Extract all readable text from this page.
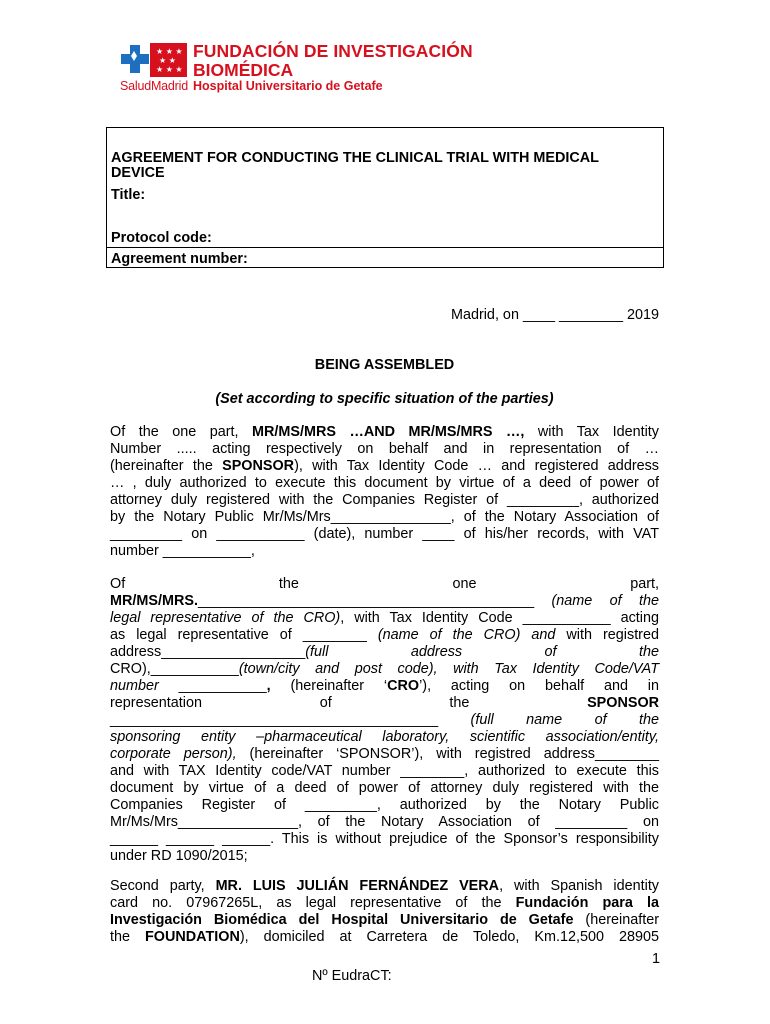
★ ★ ★
★ ★
★ ★ ★
SaludMadrid
FUNDACIÓN DE INVESTIGACIÓN
BIOMÉDICA
Hospital Universitario de Getafe
AGREEMENT FOR CONDUCTING THE CLINICAL TRIAL WITH MEDICAL
DEVICE
Title:
Protocol code:
Agreement number:
Madrid, on ____ ________ 2019
BEING ASSEMBLED
(Set according to specific situation of the parties)
Of the one part, MR/MS/MRS …AND MR/MS/MRS …, with Tax Identity
Number ..... acting respectively on behalf and in representation of …
(hereinafter the SPONSOR), with Tax Identity Code … and registered address
… , duly authorized to execute this document by virtue of a deed of power of
attorney duly registered with the Companies Register of _________, authorized
by the Notary Public Mr/Ms/Mrs_______________, of the Notary Association of
_________ on ___________ (date), number ____ of his/her records, with VAT
number ___________,
Of	the	one	part,
MR/MS/MRS.__________________________________________ (name of the
legal representative of the CRO), with Tax Identity Code ___________ acting
as legal representative of ________ (name of the CRO) and with registred
address__________________(full address of the
CRO),___________(town/city and post code), with Tax Identity Code/VAT
number ___________, (hereinafter ‘CRO’), acting on behalf and in
representation	of	the	SPONSOR
_________________________________________ (full name of the
sponsoring entity –pharmaceutical laboratory, scientific association/entity,
corporate person), (hereinafter ‘SPONSOR’), with registred address________
and with TAX Identity code/VAT number ________, authorized to execute this
document by virtue of a deed of power of attorney duly registered with the
Companies Register of _________, authorized by the Notary Public
Mr/Ms/Mrs_______________, of the Notary Association of _________ on
______ ______ ______. This is without prejudice of the Sponsor’s responsibility
under RD 1090/2015;
Second party, MR. LUIS JULIÁN FERNÁNDEZ VERA, with Spanish identity
card no. 07967265L, as legal representative of the Fundación para la
Investigación Biomédica del Hospital Universitario de Getafe (hereinafter
the FOUNDATION), domiciled at Carretera de Toledo, Km.12,500 28905
1
Nº EudraCT:
